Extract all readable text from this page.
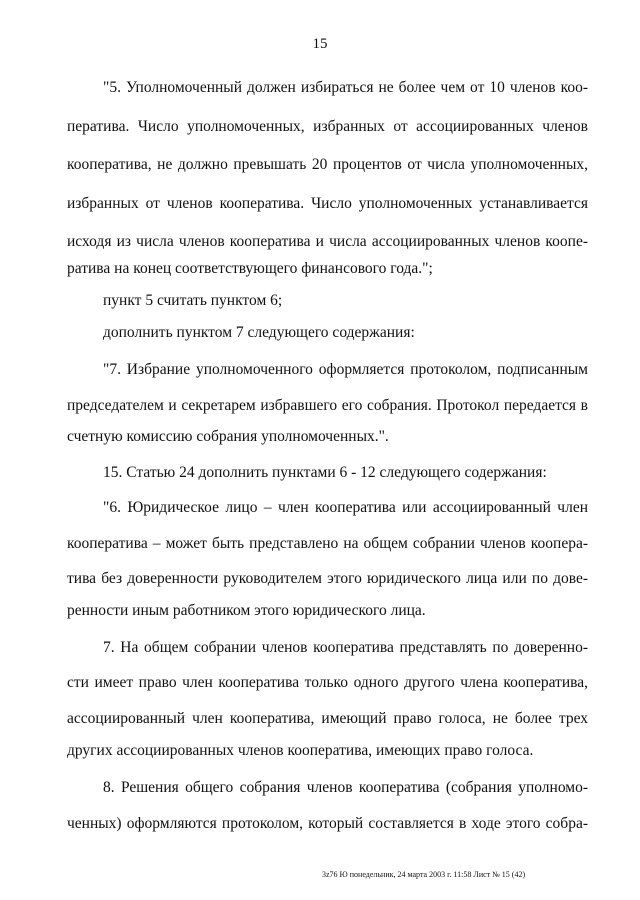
15
"5. Уполномоченный должен избираться не более чем от 10 членов коо-
ператива. Число уполномоченных, избранных от ассоциированных членов
кооператива, не должно превышать 20 процентов от числа уполномоченных,
избранных от членов кооператива. Число уполномоченных устанавливается
исходя из числа членов кооператива и числа ассоциированных членов коопе-
ратива на конец соответствующего финансового года.";
пункт 5 считать пунктом 6;
дополнить пунктом 7 следующего содержания:
"7. Избрание уполномоченного оформляется протоколом, подписанным
председателем и секретарем избравшего его собрания. Протокол передается в
счетную комиссию собрания уполномоченных.".
15. Статью 24 дополнить пунктами 6 - 12 следующего содержания:
"6. Юридическое лицо – член кооператива или ассоциированный член
кооператива – может быть представлено на общем собрании членов коопера-
тива без доверенности руководителем этого юридического лица или по дове-
ренности иным работником этого юридического лица.
7. На общем собрании членов кооператива представлять по доверенно-
сти имеет право член кооператива только одного другого члена кооператива,
ассоциированный член кооператива, имеющий право голоса, не более трех
других ассоциированных членов кооператива, имеющих право голоса.
8. Решения общего собрания членов кооператива (собрания уполномо-
ченных) оформляются протоколом, который составляется в ходе этого собра-
3z76 Ю понедельник, 24 марта 2003 г. 11:58 Лист № 15 (42)
